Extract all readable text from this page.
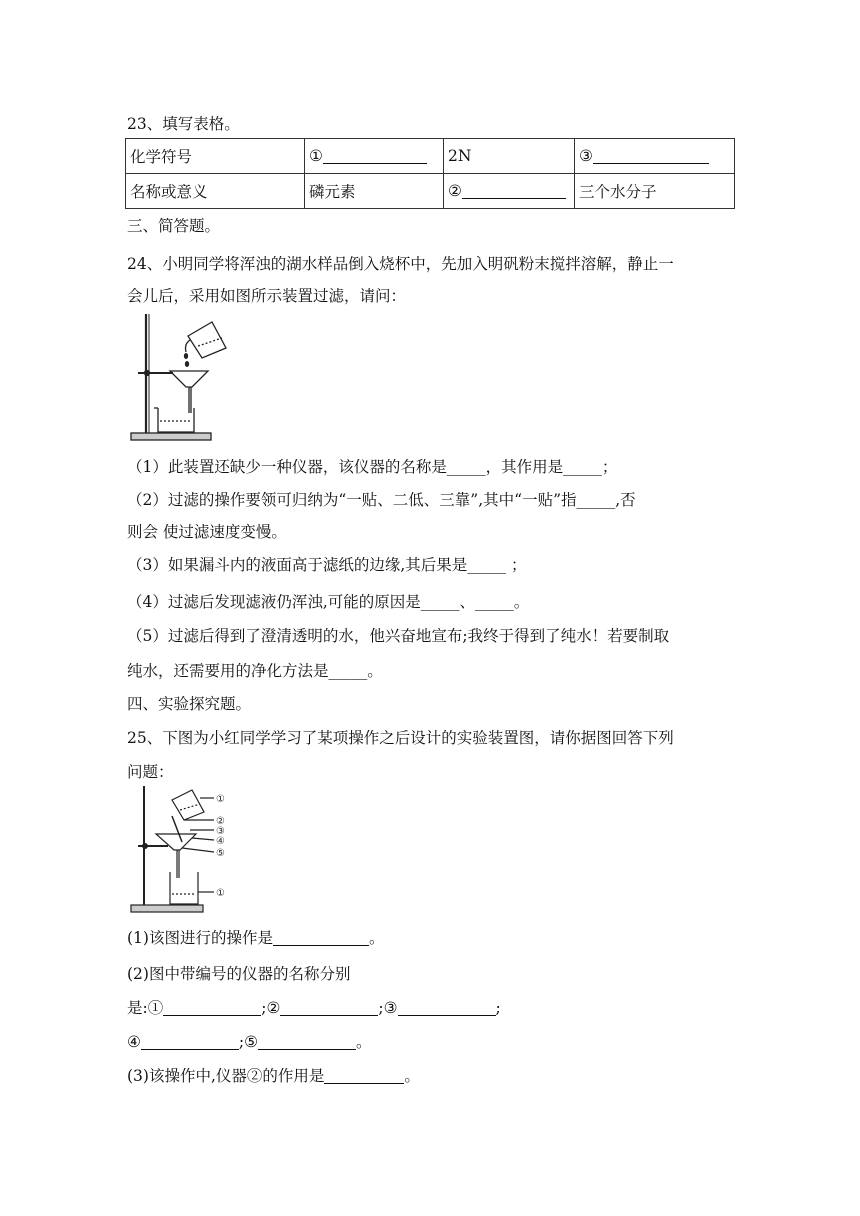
23、填写表格。
化学符号	①	2N	③
名称或意义	磷元素	②	三个水分子
三、简答题。
24、小明同学将浑浊的湖水样品倒入烧杯中，先加入明矾粉末搅拌溶解，静止一
会儿后，采用如图所示装置过滤，请问：
（1）此装置还缺少一种仪器，该仪器的名称是_____，其作用是_____；
（2）过滤的操作要领可归纳为“一贴、二低、三靠”,其中“一贴”指_____,否
则会 使过滤速度变慢。
（3）如果漏斗内的液面高于滤纸的边缘,其后果是_____ ；
（4）过滤后发现滤液仍浑浊,可能的原因是_____、_____。
（5）过滤后得到了澄清透明的水，他兴奋地宣布;我终于得到了纯水！若要制取
纯水，还需要用的净化方法是_____。
四、实验探究题。
25、下图为小红同学学习了某项操作之后设计的实验装置图，请你据图回答下列
问题：
①
②
③
④
⑤
①
(1)该图进行的操作是	。
(2)图中带编号的仪器的名称分别
是:①	;②	;③	;
④	;⑤	。
(3)该操作中,仪器②的作用是	。
